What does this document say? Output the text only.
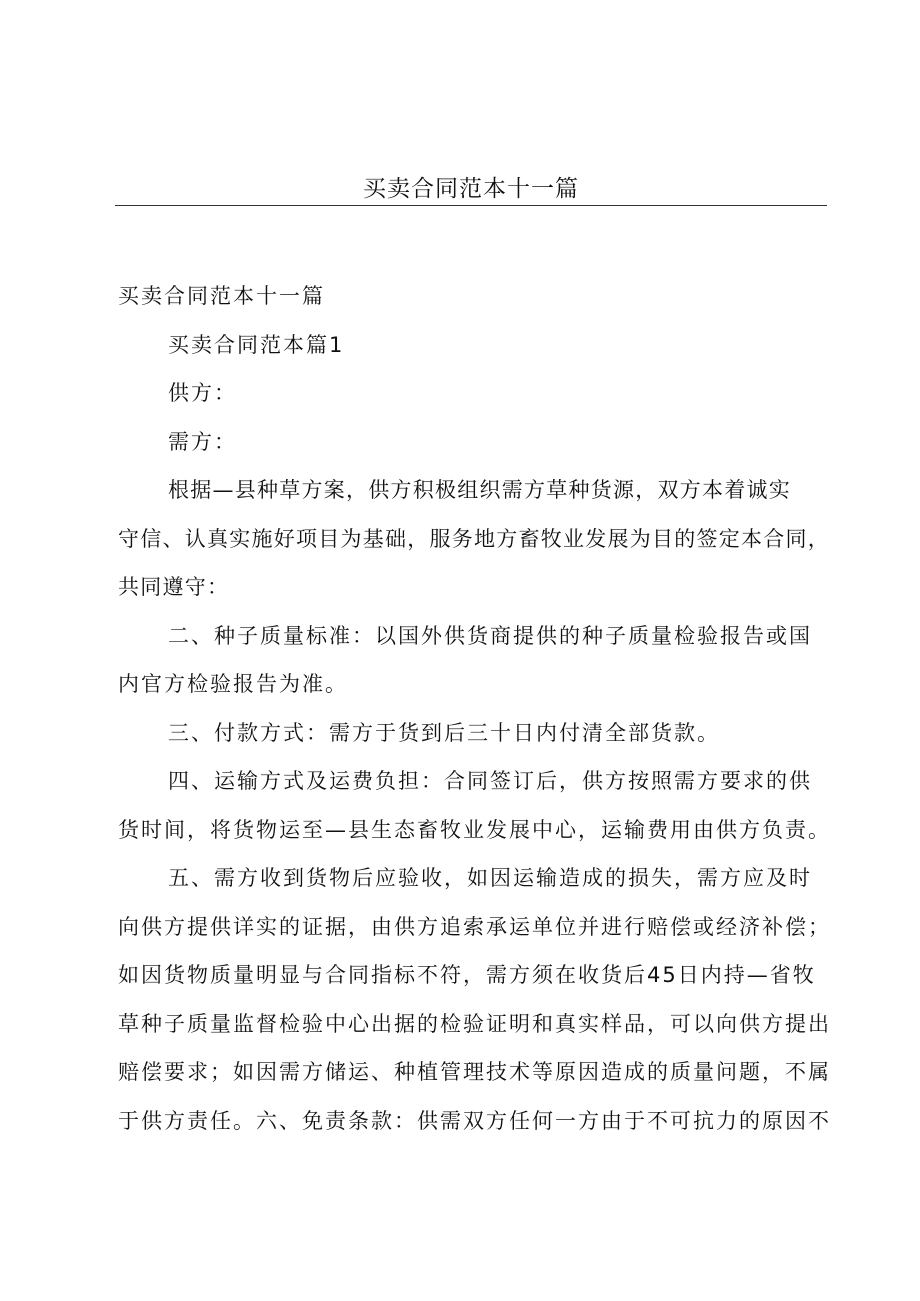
买卖合同范本十一篇

买卖合同范本十一篇

买卖合同范本篇1

供方：

需方：

根据—县种草方案，供方积极组织需方草种货源，双方本着诚实
守信、认真实施好项目为基础，服务地方畜牧业发展为目的签定本合同，
共同遵守：

二、种子质量标准：以国外供货商提供的种子质量检验报告或国
内官方检验报告为准。

三、付款方式：需方于货到后三十日内付清全部货款。

四、运输方式及运费负担：合同签订后，供方按照需方要求的供
货时间，将货物运至—县生态畜牧业发展中心，运输费用由供方负责。

五、需方收到货物后应验收，如因运输造成的损失，需方应及时
向供方提供详实的证据，由供方追索承运单位并进行赔偿或经济补偿；
如因货物质量明显与合同指标不符，需方须在收货后45日内持—省牧
草种子质量监督检验中心出据的检验证明和真实样品，可以向供方提出
赔偿要求；如因需方储运、种植管理技术等原因造成的质量问题，不属
于供方责任。六、免责条款：供需双方任何一方由于不可抗力的原因不
